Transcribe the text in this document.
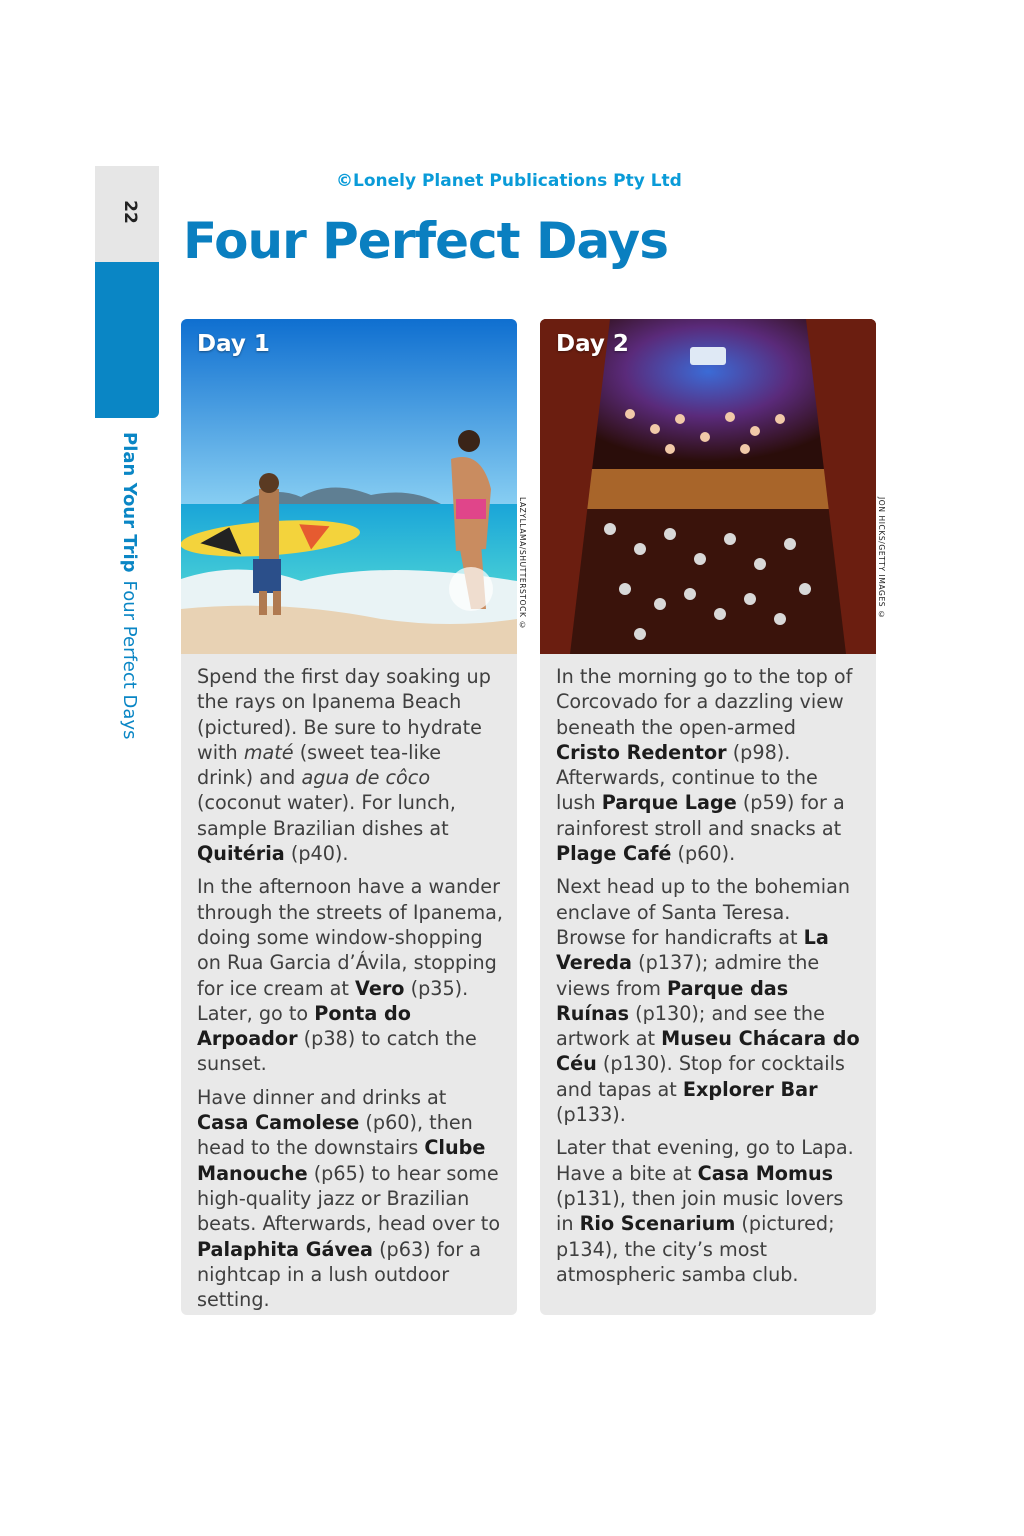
22
Plan Your TripFour Perfect Days
©Lonely Planet Publications Pty Ltd
Four Perfect Days
Day 1

Spend the first day soaking up the rays on Ipanema Beach (pictured). Be sure to hydrate with maté (sweet tea-like drink) and agua de côco (coconut water). For lunch, sample Brazilian dishes at Quitéria (p40).

In the afternoon have a wander through the streets of Ipanema, doing some window-shopping on Rua Garcia d’Ávila, stopping for ice cream at Vero (p35). Later, go to Ponta do Arpoador (p38) to catch the sunset.

Have dinner and drinks at Casa Camolese (p60), then head to the downstairs Clube Manouche (p65) to hear some high-quality jazz or Brazilian beats. Afterwards, head over to Palaphita Gávea (p63) for a nightcap in a lush outdoor setting.

LAZYLLAMA/SHUTTERSTOCK ©
Day 2

In the morning go to the top of Corcovado for a dazzling view beneath the open-armed Cristo Redentor (p98). Afterwards, continue to the lush Parque Lage (p59) for a rainforest stroll and snacks at Plage Café (p60).

Next head up to the bohemian enclave of Santa Teresa. Browse for handicrafts at La Vereda (p137); admire the views from Parque das Ruínas (p130); and see the artwork at Museu Chácara do Céu (p130). Stop for cocktails and tapas at Explorer Bar (p133).

Later that evening, go to Lapa. Have a bite at Casa Momus (p131), then join music lovers in Rio Scenarium (pictured; p134), the city’s most atmospheric samba club.

JON HICKS/GETTY IMAGES ©
